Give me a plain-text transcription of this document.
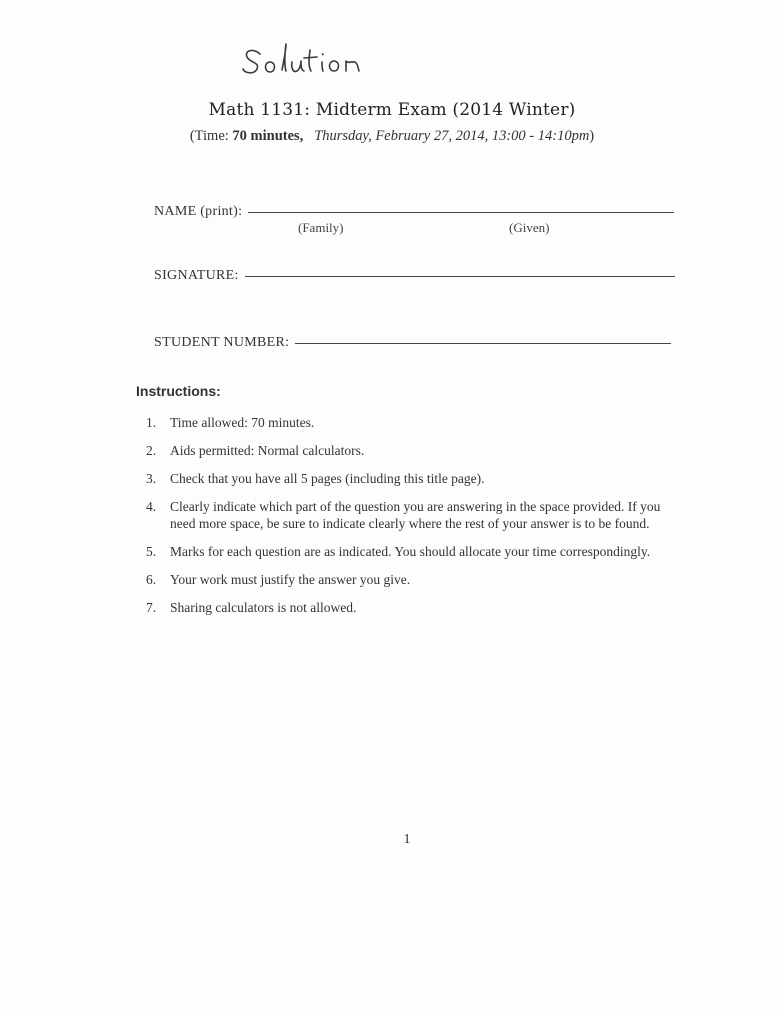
Math 1131: Midterm Exam (2014 Winter)
(Time: 70 minutes, Thursday, February 27, 2014, 13:00 - 14:10pm)
NAME (print):
(Family)	(Given)
SIGNATURE:
STUDENT NUMBER:
Instructions:
1.	Time allowed: 70 minutes.
2.	Aids permitted: Normal calculators.
3.	Check that you have all 5 pages (including this title page).
4.	Clearly indicate which part of the question you are answering in the space provided. If you need more space, be sure to indicate clearly where the rest of your answer is to be found.
5.	Marks for each question are as indicated. You should allocate your time correspondingly.
6.	Your work must justify the answer you give.
7.	Sharing calculators is not allowed.
1
